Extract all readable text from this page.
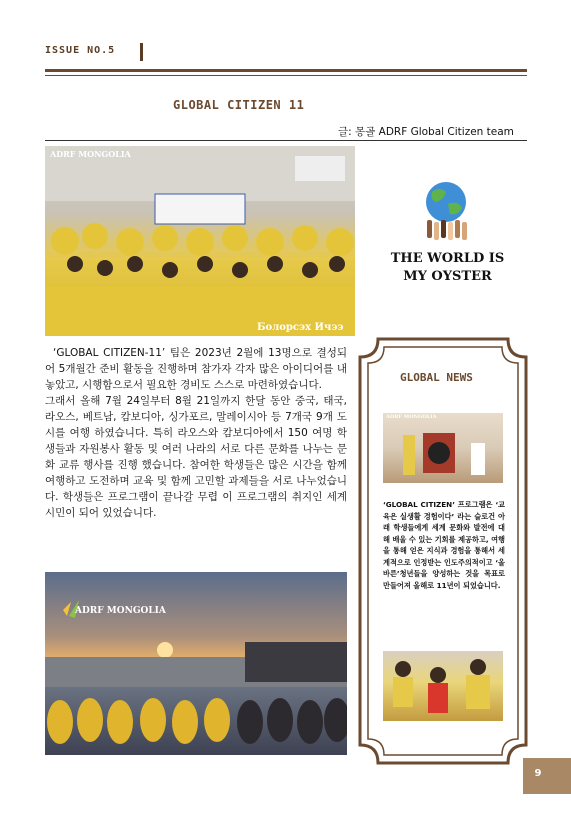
ISSUE NO.5
GLOBAL CITIZEN 11
글: 몽골 ADRF Global Citizen team
ADRF MONGOLIA
Болорсэх Ичээ

‘GLOBAL CITIZEN-11’ 팀은 2023년 2월에 13명으로 결성되어 5개월간 준비 활동을 진행하며 참가자 각자 많은 아이디어를 내놓았고, 시행함으로서 필요한 경비도 스스로 마련하였습니다.

그래서 올해 7월 24일부터 8월 21일까지 한달 동안 중국, 태국, 라오스, 베트남, 캄보디아, 싱가포르, 말레이시아 등 7개국 9개 도시를 여행 하였습니다. 특히 라오스와 캄보디아에서 150 여명 학생들과 자원봉사 활동 및 여러 나라의 서로 다른 문화를 나누는 문화 교류 행사를 진행 했습니다. 참여한 학생들은 많은 시간을 함께 여행하고 도전하며 교육 및 함께 고민할 과제들을 서로 나누었습니다. 학생들은 프로그램이 끝나갈 무렵 이 프로그램의 취지인 세계 시민이 되어 있었습니다.

ADRF MONGOLIA
THE WORLD IS MY OYSTER
GLOBAL NEWS
ADRF MONGOLIA
‘GLOBAL CITIZEN’ 프로그램은 ‘교육은 실생활 경험이다’ 라는 슬로건 아래 학생들에게 세계 문화와 발전에 대해 배울 수 있는 기회를 제공하고, 여행을 통해 얻은 지식과 경험을 통해서 세계적으로 인정받는 인도주의적이고 ‘올바른’청년들을 양성하는 것을 목표로 만들어져 올해로 11년이 되었습니다.
9
